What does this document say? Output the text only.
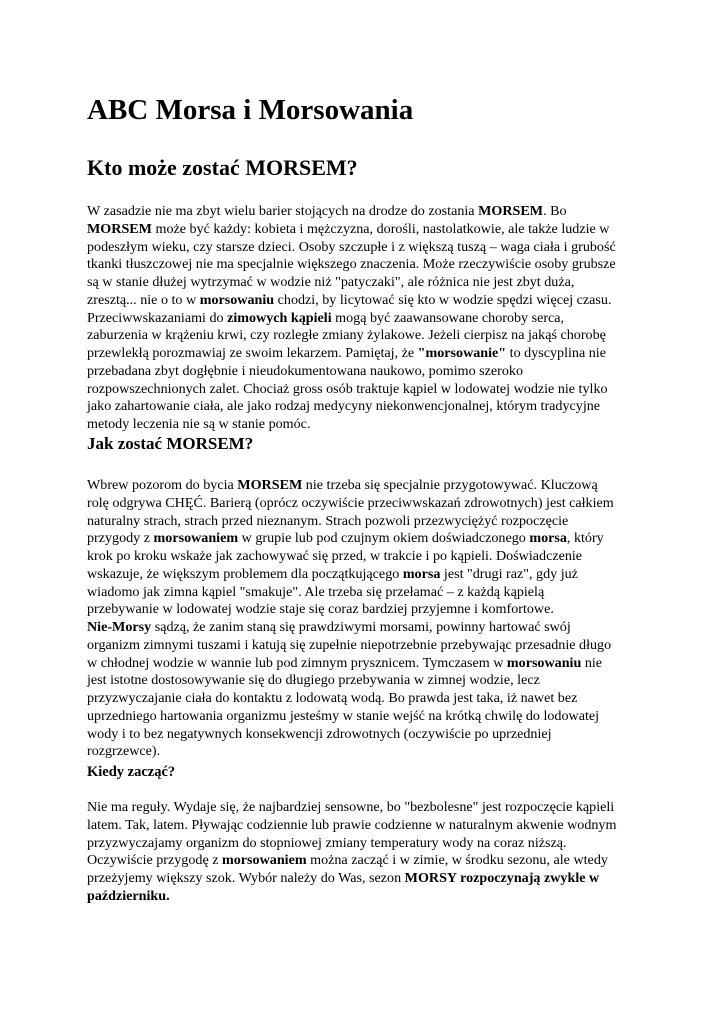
ABC Morsa i Morsowania
Kto może zostać MORSEM?
W zasadzie nie ma zbyt wielu barier stojących na drodze do zostania MORSEM. Bo
MORSEM może być każdy: kobieta i mężczyzna, dorośli, nastolatkowie, ale także ludzie w
podeszłym wieku, czy starsze dzieci. Osoby szczupłe i z większą tuszą – waga ciała i grubość
tkanki tłuszczowej nie ma specjalnie większego znaczenia. Może rzeczywiście osoby grubsze
są w stanie dłużej wytrzymać w wodzie niż "patyczaki", ale różnica nie jest zbyt duża,
zresztą... nie o to w morsowaniu chodzi, by licytować się kto w wodzie spędzi więcej czasu.
Przeciwwskazaniami do zimowych kąpieli mogą być zaawansowane choroby serca,
zaburzenia w krążeniu krwi, czy rozległe zmiany żylakowe. Jeżeli cierpisz na jakąś chorobę
przewlekłą porozmawiaj ze swoim lekarzem. Pamiętaj, że "morsowanie" to dyscyplina nie
przebadana zbyt dogłębnie i nieudokumentowana naukowo, pomimo szeroko
rozpowszechnionych zalet. Chociaż gross osób traktuje kąpiel w lodowatej wodzie nie tylko
jako zahartowanie ciała, ale jako rodzaj medycyny niekonwencjonalnej, którym tradycyjne
metody leczenia nie są w stanie pomóc.
Jak zostać MORSEM?
Wbrew pozorom do bycia MORSEM nie trzeba się specjalnie przygotowywać. Kluczową
rolę odgrywa CHĘĆ. Barierą (oprócz oczywiście przeciwwskazań zdrowotnych) jest całkiem
naturalny strach, strach przed nieznanym. Strach pozwoli przezwyciężyć rozpoczęcie
przygody z morsowaniem w grupie lub pod czujnym okiem doświadczonego morsa, który
krok po kroku wskaże jak zachowywać się przed, w trakcie i po kąpieli. Doświadczenie
wskazuje, że większym problemem dla początkującego morsa jest "drugi raz", gdy już
wiadomo jak zimna kąpiel "smakuje". Ale trzeba się przełamać – z każdą kąpielą
przebywanie w lodowatej wodzie staje się coraz bardziej przyjemne i komfortowe.
Nie-Morsy sądzą, że zanim staną się prawdziwymi morsami, powinny hartować swój
organizm zimnymi tuszami i katują się zupełnie niepotrzebnie przebywając przesadnie długo
w chłodnej wodzie w wannie lub pod zimnym prysznicem. Tymczasem w morsowaniu nie
jest istotne dostosowywanie się do długiego przebywania w zimnej wodzie, lecz
przyzwyczajanie ciała do kontaktu z lodowatą wodą. Bo prawda jest taka, iż nawet bez
uprzedniego hartowania organizmu jesteśmy w stanie wejść na krótką chwilę do lodowatej
wody i to bez negatywnych konsekwencji zdrowotnych (oczywiście po uprzedniej
rozgrzewce).
Kiedy zacząć?
Nie ma reguły. Wydaje się, że najbardziej sensowne, bo "bezbolesne" jest rozpoczęcie kąpieli
latem. Tak, latem. Pływając codziennie lub prawie codzienne w naturalnym akwenie wodnym
przyzwyczajamy organizm do stopniowej zmiany temperatury wody na coraz niższą.
Oczywiście przygodę z morsowaniem można zacząć i w zimie, w środku sezonu, ale wtedy
przeżyjemy większy szok. Wybór należy do Was, sezon MORSY rozpoczynają zwykle w
październiku.
